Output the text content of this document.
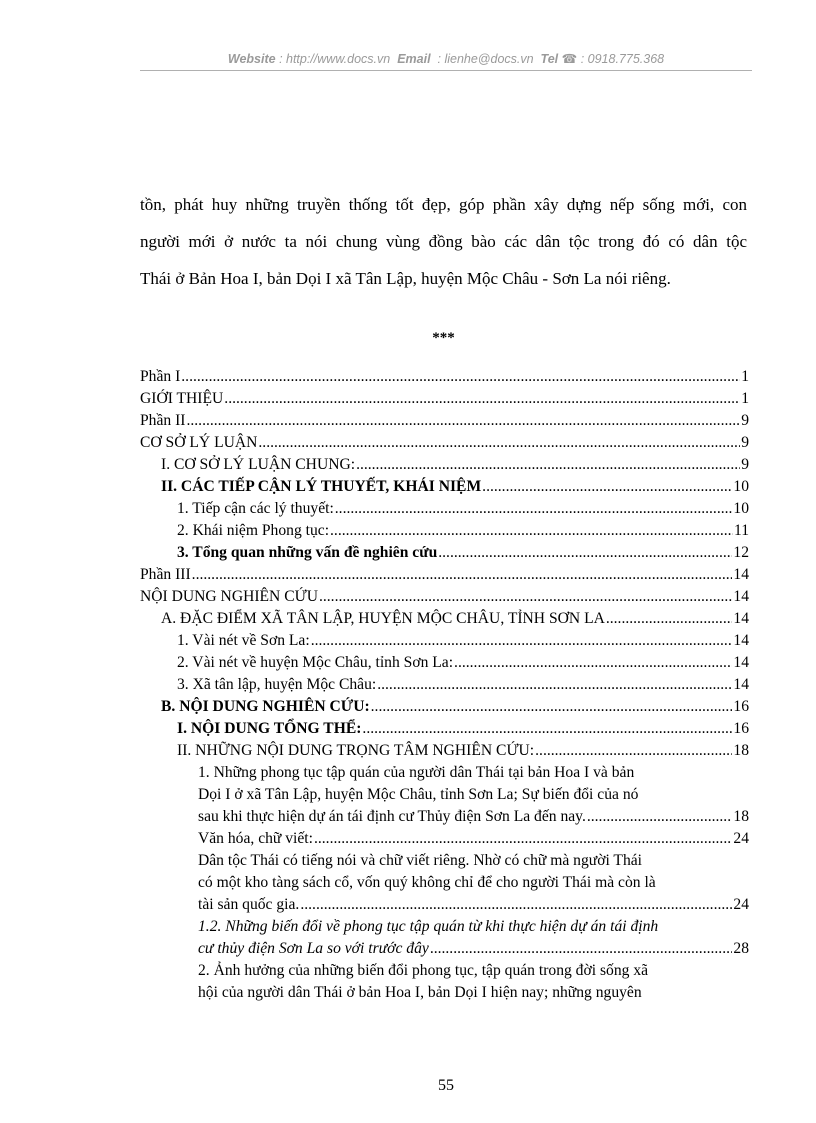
Website : http://www.docs.vn Email : lienhe@docs.vn Tel ☎ : 0918.775.368
tồn, phát huy những truyền thống tốt đẹp, góp phần xây dựng nếp sống mới, con
người mới ở nước ta nói chung vùng đồng bào các dân tộc trong đó có dân tộc
Thái ở Bản Hoa I, bản Dọi I xã Tân Lập, huyện Mộc Châu - Sơn La nói riêng.
***
Phần I .....	1
GIỚI THIỆU .....	1
Phần II .....	9
CƠ SỞ LÝ LUẬN .....	9
I. CƠ SỞ LÝ LUẬN CHUNG: .....	9
II. CÁC TIẾP CẬN LÝ THUYẾT, KHÁI NIỆM .....	10
1. Tiếp cận các lý thuyết: .....	10
2. Khái niệm Phong tục: .....	11
3. Tổng quan những vấn đề nghiên cứu .....	12
Phần III .....	14
NỘI DUNG NGHIÊN CỨU .....	14
A. ĐẶC ĐIỂM XÃ TÂN LẬP, HUYỆN MỘC CHÂU, TỈNH SƠN LA .....	14
1. Vài nét về Sơn La: .....	14
2. Vài nét về huyện Mộc Châu, tỉnh Sơn La: .....	14
3. Xã tân lập, huyện Mộc Châu: .....	14
B. NỘI DUNG NGHIÊN CỨU: .....	16
I. NỘI DUNG TỔNG THỂ: .....	16
II. NHỮNG NỘI DUNG TRỌNG TÂM NGHIÊN CỨU: .....	18
1. Những phong tục tập quán của người dân Thái tại bản Hoa I và bản
Dọi I ở xã Tân Lập, huyện Mộc Châu, tỉnh Sơn La; Sự biến đổi của nó
sau khi thực hiện dự án tái định cư Thủy điện Sơn La đến nay. .....	18
Văn hóa, chữ viết: .....	24
Dân tộc Thái có tiếng nói và chữ viết riêng. Nhờ có chữ mà người Thái
có một kho tàng sách cổ, vốn quý không chỉ để cho người Thái mà còn là
tài sản quốc gia. .....	24
1.2. Những biến đổi về phong tục tập quán từ khi thực hiện dự án tái định
cư thủy điện Sơn La so với trước đây .....	28
2. Ảnh hưởng của những biến đổi phong tục, tập quán trong đời sống xã
hội của người dân Thái ở bản Hoa I, bản Dọi I hiện nay; những nguyên
55
